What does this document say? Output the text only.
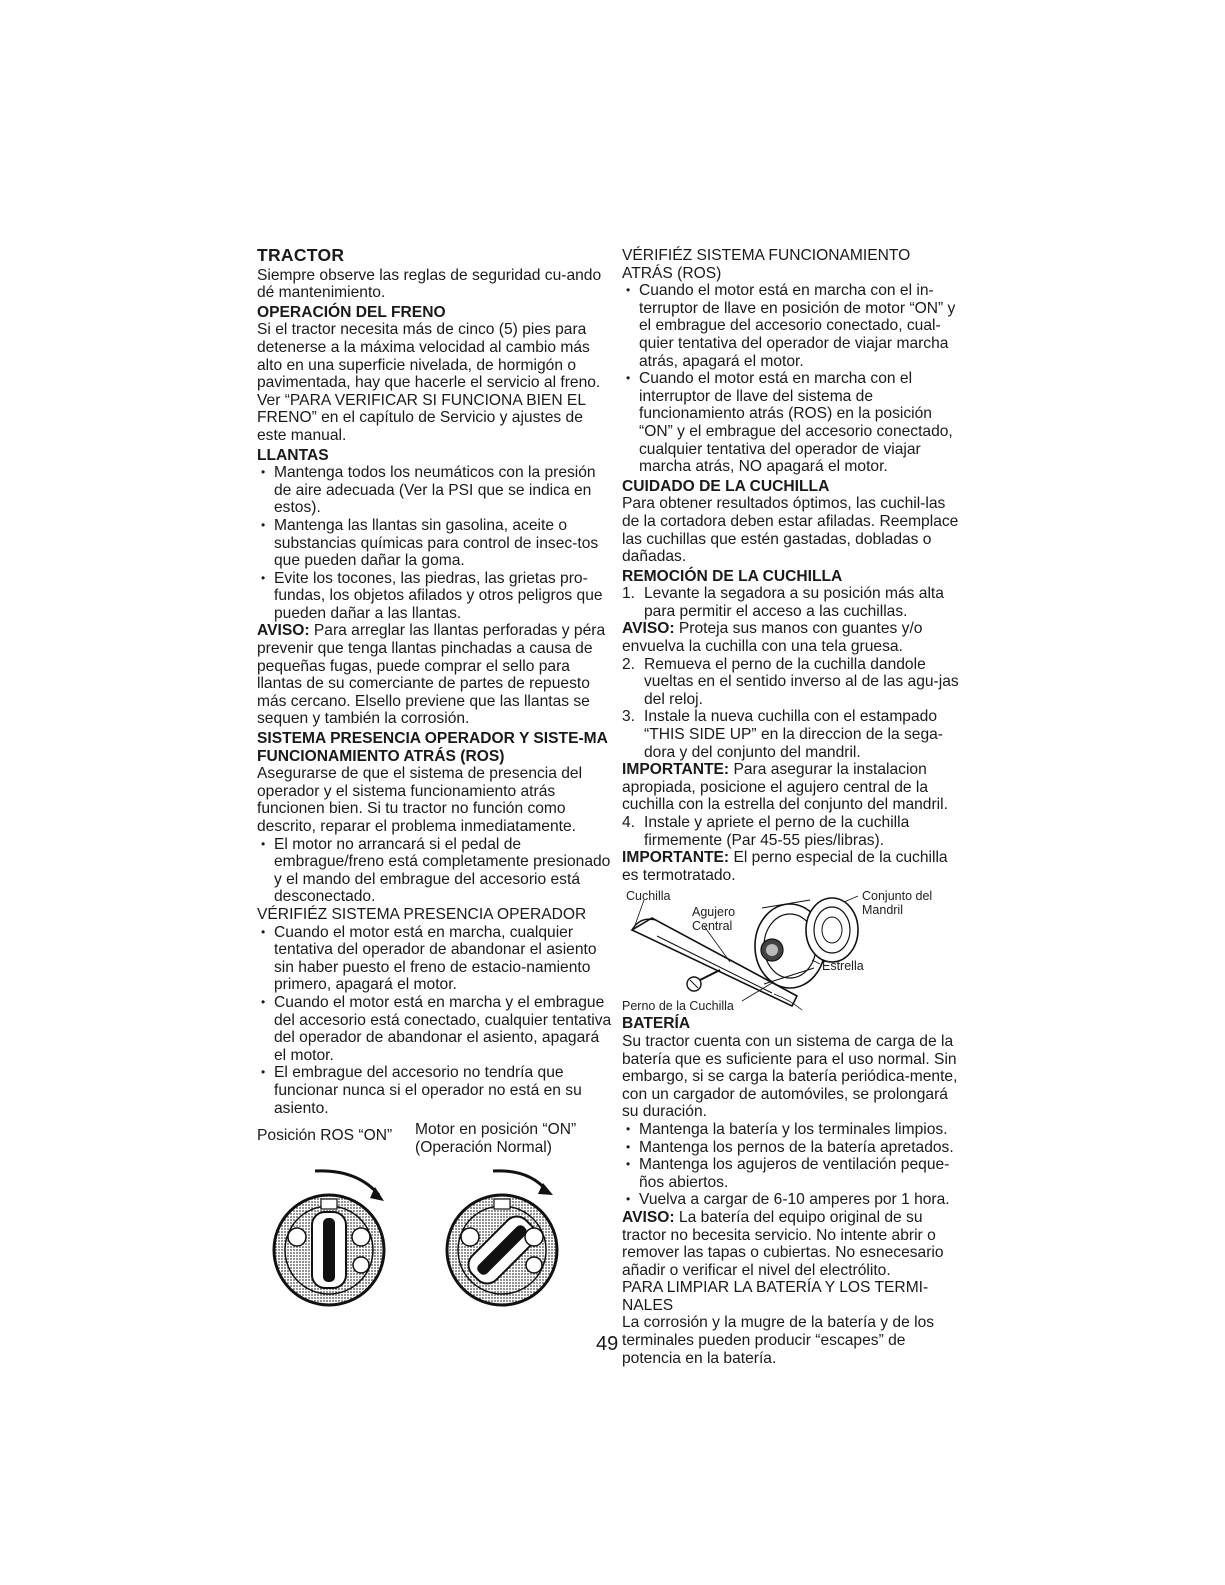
TRACTOR

Siempre observe las reglas de seguridad cu-ando dé mantenimiento.

OPERACIÓN DEL FRENO

Si el tractor necesita más de cinco (5) pies para detenerse a la máxima velocidad al cambio más alto en una superficie nivelada, de hormigón o pavimentada, hay que hacerle el servicio al freno. Ver “PARA VERIFICAR SI FUNCIONA BIEN EL FRENO” en el capítulo de Servicio y ajustes de este manual.

LLANTAS
• Mantenga todos los neumáticos con la presión de aire adecuada (Ver la PSI que se indica en estos).
• Mantenga las llantas sin gasolina, aceite o substancias químicas para control de insec-tos que pueden dañar la goma.
• Evite los tocones, las piedras, las grietas pro-fundas, los objetos afilados y otros peligros que pueden dañar a las llantas.

AVISO: Para arreglar las llantas perforadas y péra prevenir que tenga llantas pinchadas a causa de pequeñas fugas, puede comprar el sello para llantas de su comerciante de partes de repuesto más cercano. Elsello previene que las llantas se sequen y también la corrosión.

SISTEMA PRESENCIA OPERADOR Y SISTE-MA FUNCIONAMIENTO ATRÁS (ROS)

Asegurarse de que el sistema de presencia del operador y el sistema funcionamiento atrás funcionen bien. Si tu tractor no función como descrito, reparar el problema inmediatamente.

• El motor no arrancará si el pedal de embrague/freno está completamente presionado y el mando del embrague del accesorio está desconectado.
VÉRIFIÉZ SISTEMA PRESENCIA OPERADOR
• Cuando el motor está en marcha, cualquier tentativa del operador de abandonar el asiento sin haber puesto el freno de estacio-namiento primero, apagará el motor.
• Cuando el motor está en marcha y el embrague del accesorio está conectado, cualquier tentativa del operador de abandonar el asiento, apagará el motor.
• El embrague del accesorio no tendría que funcionar nunca si el operador no está en su asiento.
Posición ROS “ON”	Motor en posición “ON”
(Operación Normal)
VÉRIFIÉZ SISTEMA FUNCIONAMIENTO ATRÁS (ROS)
• Cuando el motor está en marcha con el in-terruptor de llave en posición de motor “ON” y el embrague del accesorio conectado, cual-quier tentativa del operador de viajar marcha atrás, apagará el motor.
• Cuando el motor está en marcha con el interruptor de llave del sistema de funcionamiento atrás (ROS) en la posición “ON” y el embrague del accesorio conectado, cualquier tentativa del operador de viajar marcha atrás, NO apagará el motor.
CUIDADO DE LA CUCHILLA

Para obtener resultados óptimos, las cuchil-las de la cortadora deben estar afiladas. Reemplace las cuchillas que estén gastadas, dobladas o dañadas.

REMOCIÓN DE LA CUCHILLA
1. Levante la segadora a su posición más alta para permitir el acceso a las cuchillas.

AVISO: Proteja sus manos con guantes y/o envuelva la cuchilla con una tela gruesa.

2. Remueva el perno de la cuchilla dandole vueltas en el sentido inverso al de las agu-jas del reloj.
3. Instale la nueva cuchilla con el estampado “THIS SIDE UP” en la direccion de la sega-dora y del conjunto del mandril.

IMPORTANTE: Para asegurar la instalacion apropiada, posicione el agujero central de la cuchilla con la estrella del conjunto del mandril.

4. Instale y apriete el perno de la cuchilla firmemente (Par 45-55 pies/libras).

IMPORTANTE: El perno especial de la cuchilla es termotratado.

Cuchilla
Agujero
Central
Conjunto del
Mandril
Estrella
Perno de la Cuchilla
BATERÍA

Su tractor cuenta con un sistema de carga de la batería que es suficiente para el uso normal. Sin embargo, si se carga la batería periódica-mente, con un cargador de automóviles, se prolongará su duración.

• Mantenga la batería y los terminales limpios.
• Mantenga los pernos de la batería apretados.
• Mantenga los agujeros de ventilación peque-ños abiertos.
• Vuelva a cargar de 6-10 amperes por 1 hora.

AVISO: La batería del equipo original de su tractor no becesita servicio. No intente abrir o remover las tapas o cubiertas. No esnecesario añadir o verificar el nivel del electrólito.

PARA LIMPIAR LA BATERÍA Y LOS TERMI-NALES

La corrosión y la mugre de la batería y de los terminales pueden producir “escapes” de potencia en la batería.

49
